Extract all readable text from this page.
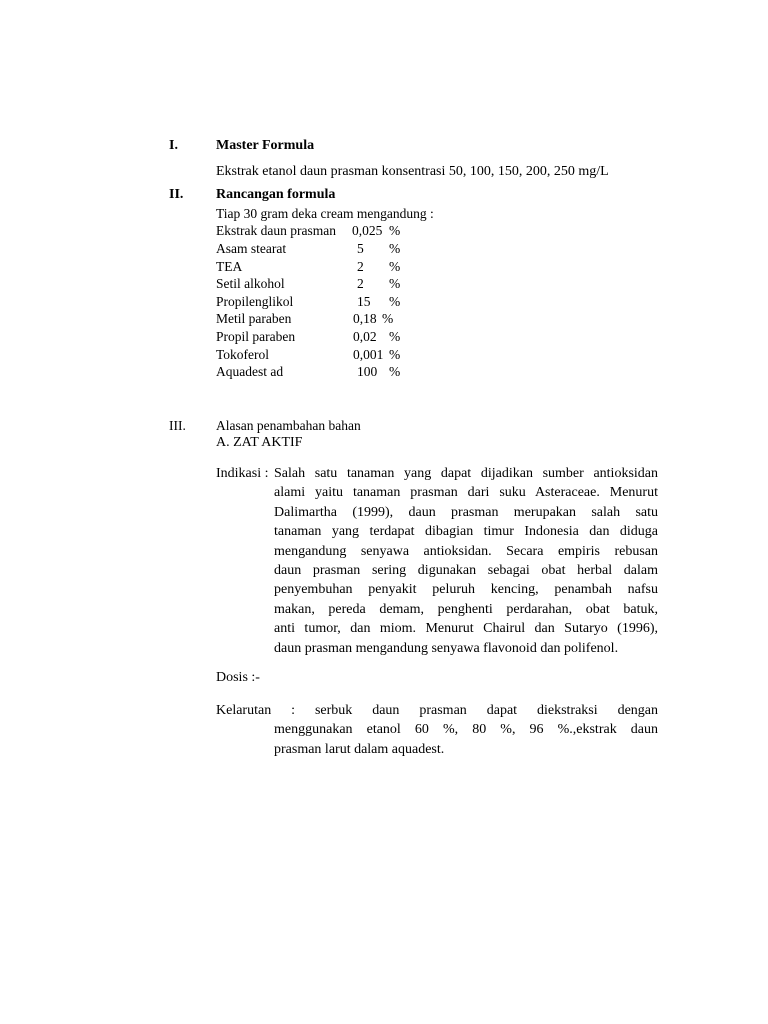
I.	Master Formula
Ekstrak etanol daun prasman konsentrasi 50, 100, 150, 200, 250 mg/L
II. Rancangan formula
Tiap 30 gram deka cream mengandung :
Ekstrak daun prasman 0,025 %
Asam stearat	5 %
TEA	2 %
Setil alkohol	2 %
Propilenglikol	15 %
Metil paraben	0,18 %
Propil paraben	0,02 %
Tokoferol	0,001 %
Aquadest ad	100 %
III. Alasan penambahan bahan
A. ZAT AKTIF
Indikasi : Salah satu tanaman yang dapat dijadikan sumber antioksidan
alami yaitu tanaman prasman dari suku Asteraceae. Menurut
Dalimartha (1999), daun prasman merupakan salah satu
tanaman yang terdapat dibagian timur Indonesia dan diduga
mengandung senyawa antioksidan. Secara empiris rebusan
daun prasman sering digunakan sebagai obat herbal dalam
penyembuhan penyakit peluruh kencing, penambah nafsu
makan, pereda demam, penghenti perdarahan, obat batuk,
anti tumor, dan miom. Menurut Chairul dan Sutaryo (1996),
daun prasman mengandung senyawa flavonoid dan polifenol.
Dosis :-
Kelarutan   :   serbuk   daun   prasman   dapat   diekstraksi   dengan
menggunakan etanol 60 %, 80 %, 96 %.,ekstrak daun
prasman larut dalam aquadest.
